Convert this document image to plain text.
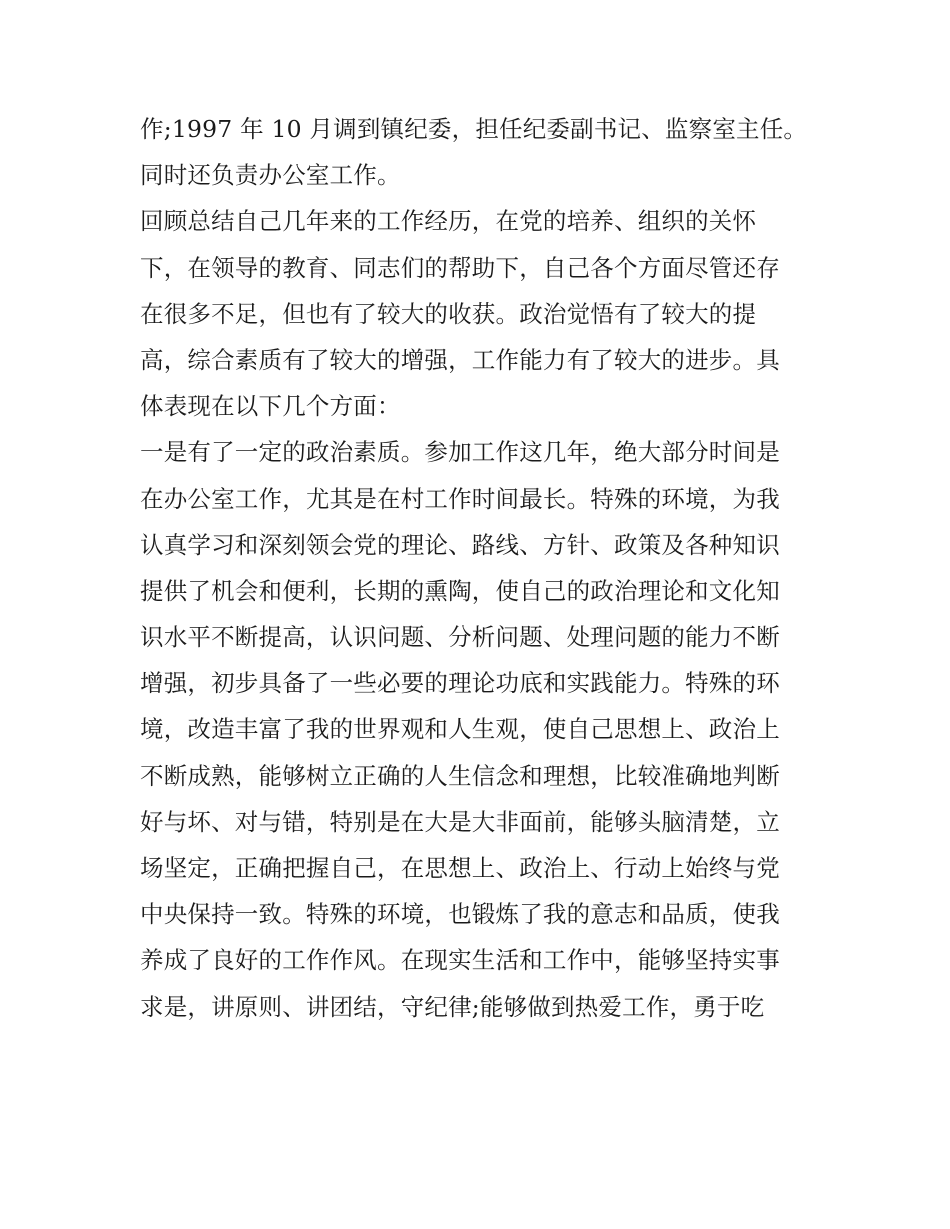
作;1997 年 10 月调到镇纪委，担任纪委副书记、监察室主任。
同时还负责办公室工作。
回顾总结自己几年来的工作经历，在党的培养、组织的关怀
下，在领导的教育、同志们的帮助下，自己各个方面尽管还存
在很多不足，但也有了较大的收获。政治觉悟有了较大的提
高，综合素质有了较大的增强，工作能力有了较大的进步。具
体表现在以下几个方面：
一是有了一定的政治素质。参加工作这几年，绝大部分时间是
在办公室工作，尤其是在村工作时间最长。特殊的环境，为我
认真学习和深刻领会党的理论、路线、方针、政策及各种知识
提供了机会和便利，长期的熏陶，使自己的政治理论和文化知
识水平不断提高，认识问题、分析问题、处理问题的能力不断
增强，初步具备了一些必要的理论功底和实践能力。特殊的环
境，改造丰富了我的世界观和人生观，使自己思想上、政治上
不断成熟，能够树立正确的人生信念和理想，比较准确地判断
好与坏、对与错，特别是在大是大非面前，能够头脑清楚，立
场坚定，正确把握自己，在思想上、政治上、行动上始终与党
中央保持一致。特殊的环境，也锻炼了我的意志和品质，使我
养成了良好的工作作风。在现实生活和工作中，能够坚持实事
求是，讲原则、讲团结，守纪律;能够做到热爱工作，勇于吃
